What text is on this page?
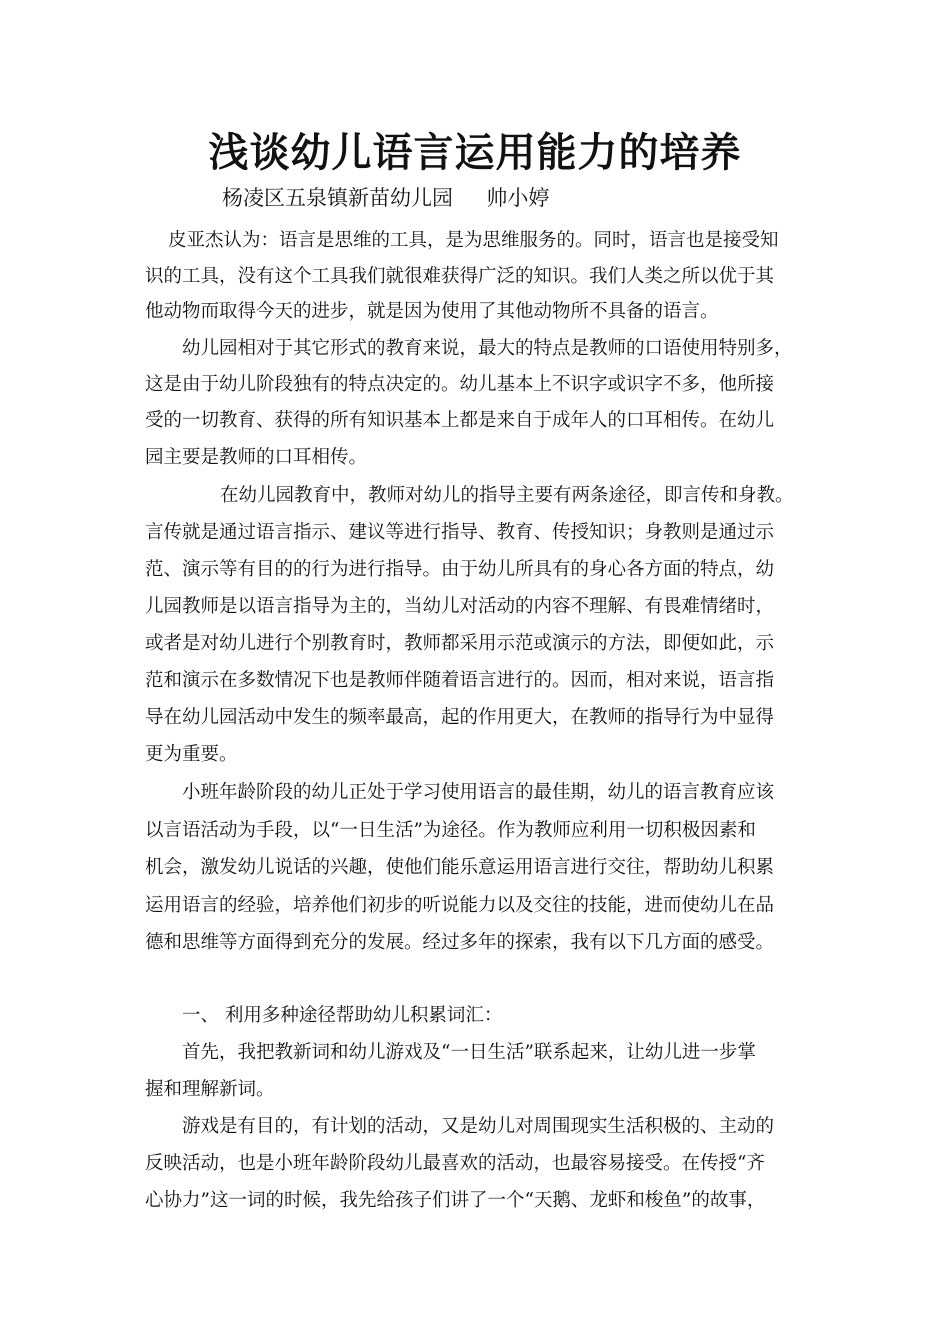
浅谈幼儿语言运用能力的培养
杨凌区五泉镇新苗幼儿园     帅小婷
皮亚杰认为：语言是思维的工具，是为思维服务的。同时，语言也是接受知
识的工具，没有这个工具我们就很难获得广泛的知识。我们人类之所以优于其
他动物而取得今天的进步，就是因为使用了其他动物所不具备的语言。
幼儿园相对于其它形式的教育来说，最大的特点是教师的口语使用特别多，
这是由于幼儿阶段独有的特点决定的。幼儿基本上不识字或识字不多，他所接
受的一切教育、获得的所有知识基本上都是来自于成年人的口耳相传。在幼儿
园主要是教师的口耳相传。
在幼儿园教育中，教师对幼儿的指导主要有两条途径，即言传和身教。
言传就是通过语言指示、建议等进行指导、教育、传授知识；身教则是通过示
范、演示等有目的的行为进行指导。由于幼儿所具有的身心各方面的特点，幼
儿园教师是以语言指导为主的，当幼儿对活动的内容不理解、有畏难情绪时，
或者是对幼儿进行个别教育时，教师都采用示范或演示的方法，即便如此，示
范和演示在多数情况下也是教师伴随着语言进行的。因而，相对来说，语言指
导在幼儿园活动中发生的频率最高，起的作用更大，在教师的指导行为中显得
更为重要。
小班年龄阶段的幼儿正处于学习使用语言的最佳期，幼儿的语言教育应该
以言语活动为手段，以“一日生活”为途径。作为教师应利用一切积极因素和
机会，激发幼儿说话的兴趣，使他们能乐意运用语言进行交往，帮助幼儿积累
运用语言的经验，培养他们初步的听说能力以及交往的技能，进而使幼儿在品
德和思维等方面得到充分的发展。经过多年的探索，我有以下几方面的感受。
一、 利用多种途径帮助幼儿积累词汇：
首先，我把教新词和幼儿游戏及“一日生活”联系起来，让幼儿进一步掌
握和理解新词。
游戏是有目的，有计划的活动，又是幼儿对周围现实生活积极的、主动的
反映活动，也是小班年龄阶段幼儿最喜欢的活动，也最容易接受。在传授“齐
心协力”这一词的时候，我先给孩子们讲了一个“天鹅、龙虾和梭鱼”的故事，
